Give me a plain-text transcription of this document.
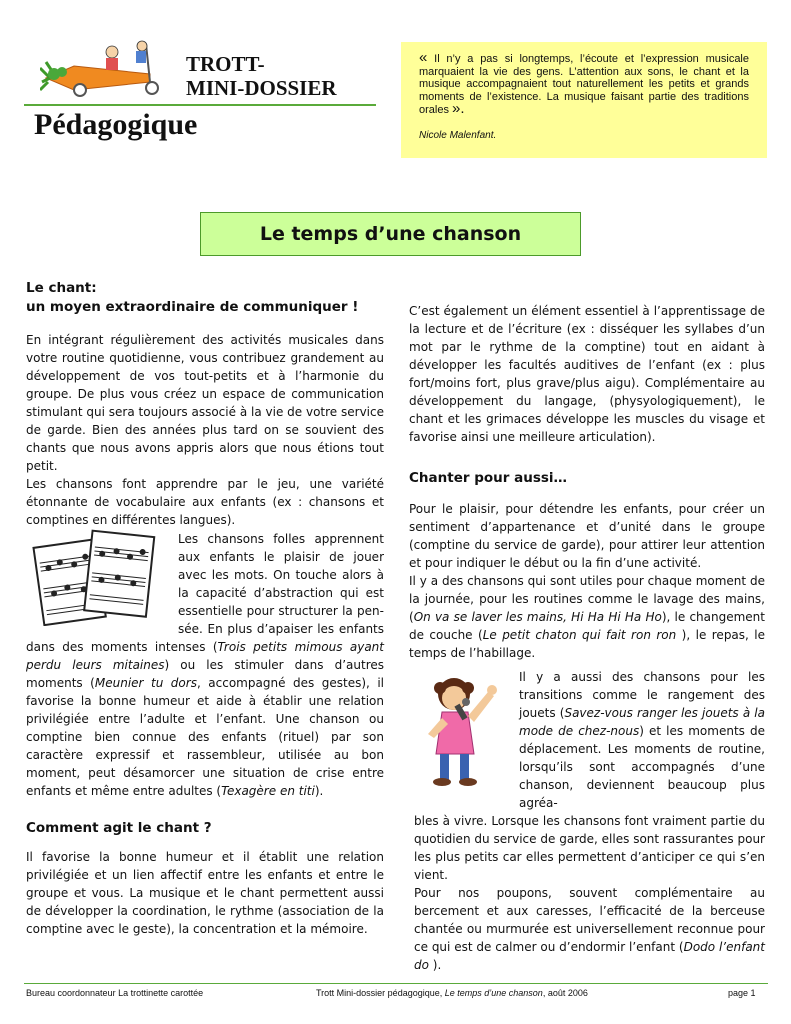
TROTT-
MINI-DOSSIER
Pédagogique
« Il n’y a pas si longtemps, l’écoute et l’expression musicale marquaient la vie des gens. L’attention aux sons, le chant et la musique accompagnaient tout naturellement les petits et grands moments de l’existence. La musique faisant partie des traditions orales ».
Nicole Malenfant.
Le temps d’une chanson
Le chant:
un moyen extraordinaire de communiquer !

En intégrant régulièrement des activités musicales dans votre routine quotidienne, vous contribuez grandement au développement de vos tout-petits et à l’harmonie du groupe. De plus vous créez un espace de communication stimulant qui sera toujours associé à la vie de votre service de garde. Bien des années plus tard on se souvient des chants que nous avons appris alors que nous étions tout petit.

Les chansons font apprendre par le jeu, une variété étonnante de vocabulaire aux enfants (ex : chansons et comptines en différentes langues).

Les chansons folles apprennent
aux enfants le plaisir de jouer
avec les mots. On touche alors à
la capacité d’abstraction qui est
essentielle pour structurer la pen-
sée. En plus d’apaiser les enfants

dans des moments intenses (Trois petits mimous ayant perdu leurs mitaines) ou les stimuler dans d’autres moments (Meunier tu dors, accompagné des gestes), il favorise la bonne humeur et aide à établir une relation privilégiée entre l’adulte et l’enfant. Une chanson ou comptine bien connue des enfants (rituel) par son caractère expressif et rassembleur, utilisée au bon moment, peut désamorcer une situation de crise entre enfants et même entre adultes (Texagère en titi).

Comment agit le chant ?

Il favorise la bonne humeur et il établit une relation privilégiée et un lien affectif entre les enfants et entre le groupe et vous. La musique et le chant permettent aussi de développer la coordination, le rythme (association de la comptine avec le geste), la concentration et la mémoire.

C’est également un élément essentiel à l’apprentissage de la lecture et de l’écriture (ex : disséquer les syllabes d’un mot par le rythme de la comptine) tout en aidant à développer les facultés auditives de l’enfant (ex : plus fort/moins fort, plus grave/plus aigu). Complémentaire au développement du langage, (physyologiquement), le chant et les grimaces développe les muscles du visage et favorise ainsi une meilleure articulation).

Chanter pour aussi…

Pour le plaisir, pour détendre les enfants, pour créer un sentiment d’appartenance et d’unité dans le groupe (comptine du service de garde), pour attirer leur attention et pour indiquer le début ou la fin d’une activité.

Il y a des chansons qui sont utiles pour chaque moment de la journée, pour les routines comme le lavage des mains, (On va se laver les mains, Hi Ha Hi Ha Ho), le changement de couche (Le petit chaton qui fait ron ron ), le repas, le temps de l’habillage.

Il y a aussi des chansons pour les transitions comme le rangement des jouets (Savez-vous ranger les jouets à la mode de chez-nous) et les moments de déplacement. Les moments de routine, lorsqu’ils sont accompagnés d’une chanson, deviennent beaucoup plus agréa-

bles à vivre. Lorsque les chansons font vraiment partie du quotidien du service de garde, elles sont rassurantes pour les plus petits car elles permettent d’anticiper ce qui s’en vient.

Pour nos poupons, souvent complémentaire au bercement et aux caresses, l’efficacité de la berceuse chantée ou murmurée est universellement reconnue pour ce qui est de calmer ou d’endormir l’enfant (Dodo l’enfant do ).

Bureau coordonnateur La trottinette carottée	Trott Mini-dossier pédagogique, Le temps d’une chanson, août 2006	page 1
